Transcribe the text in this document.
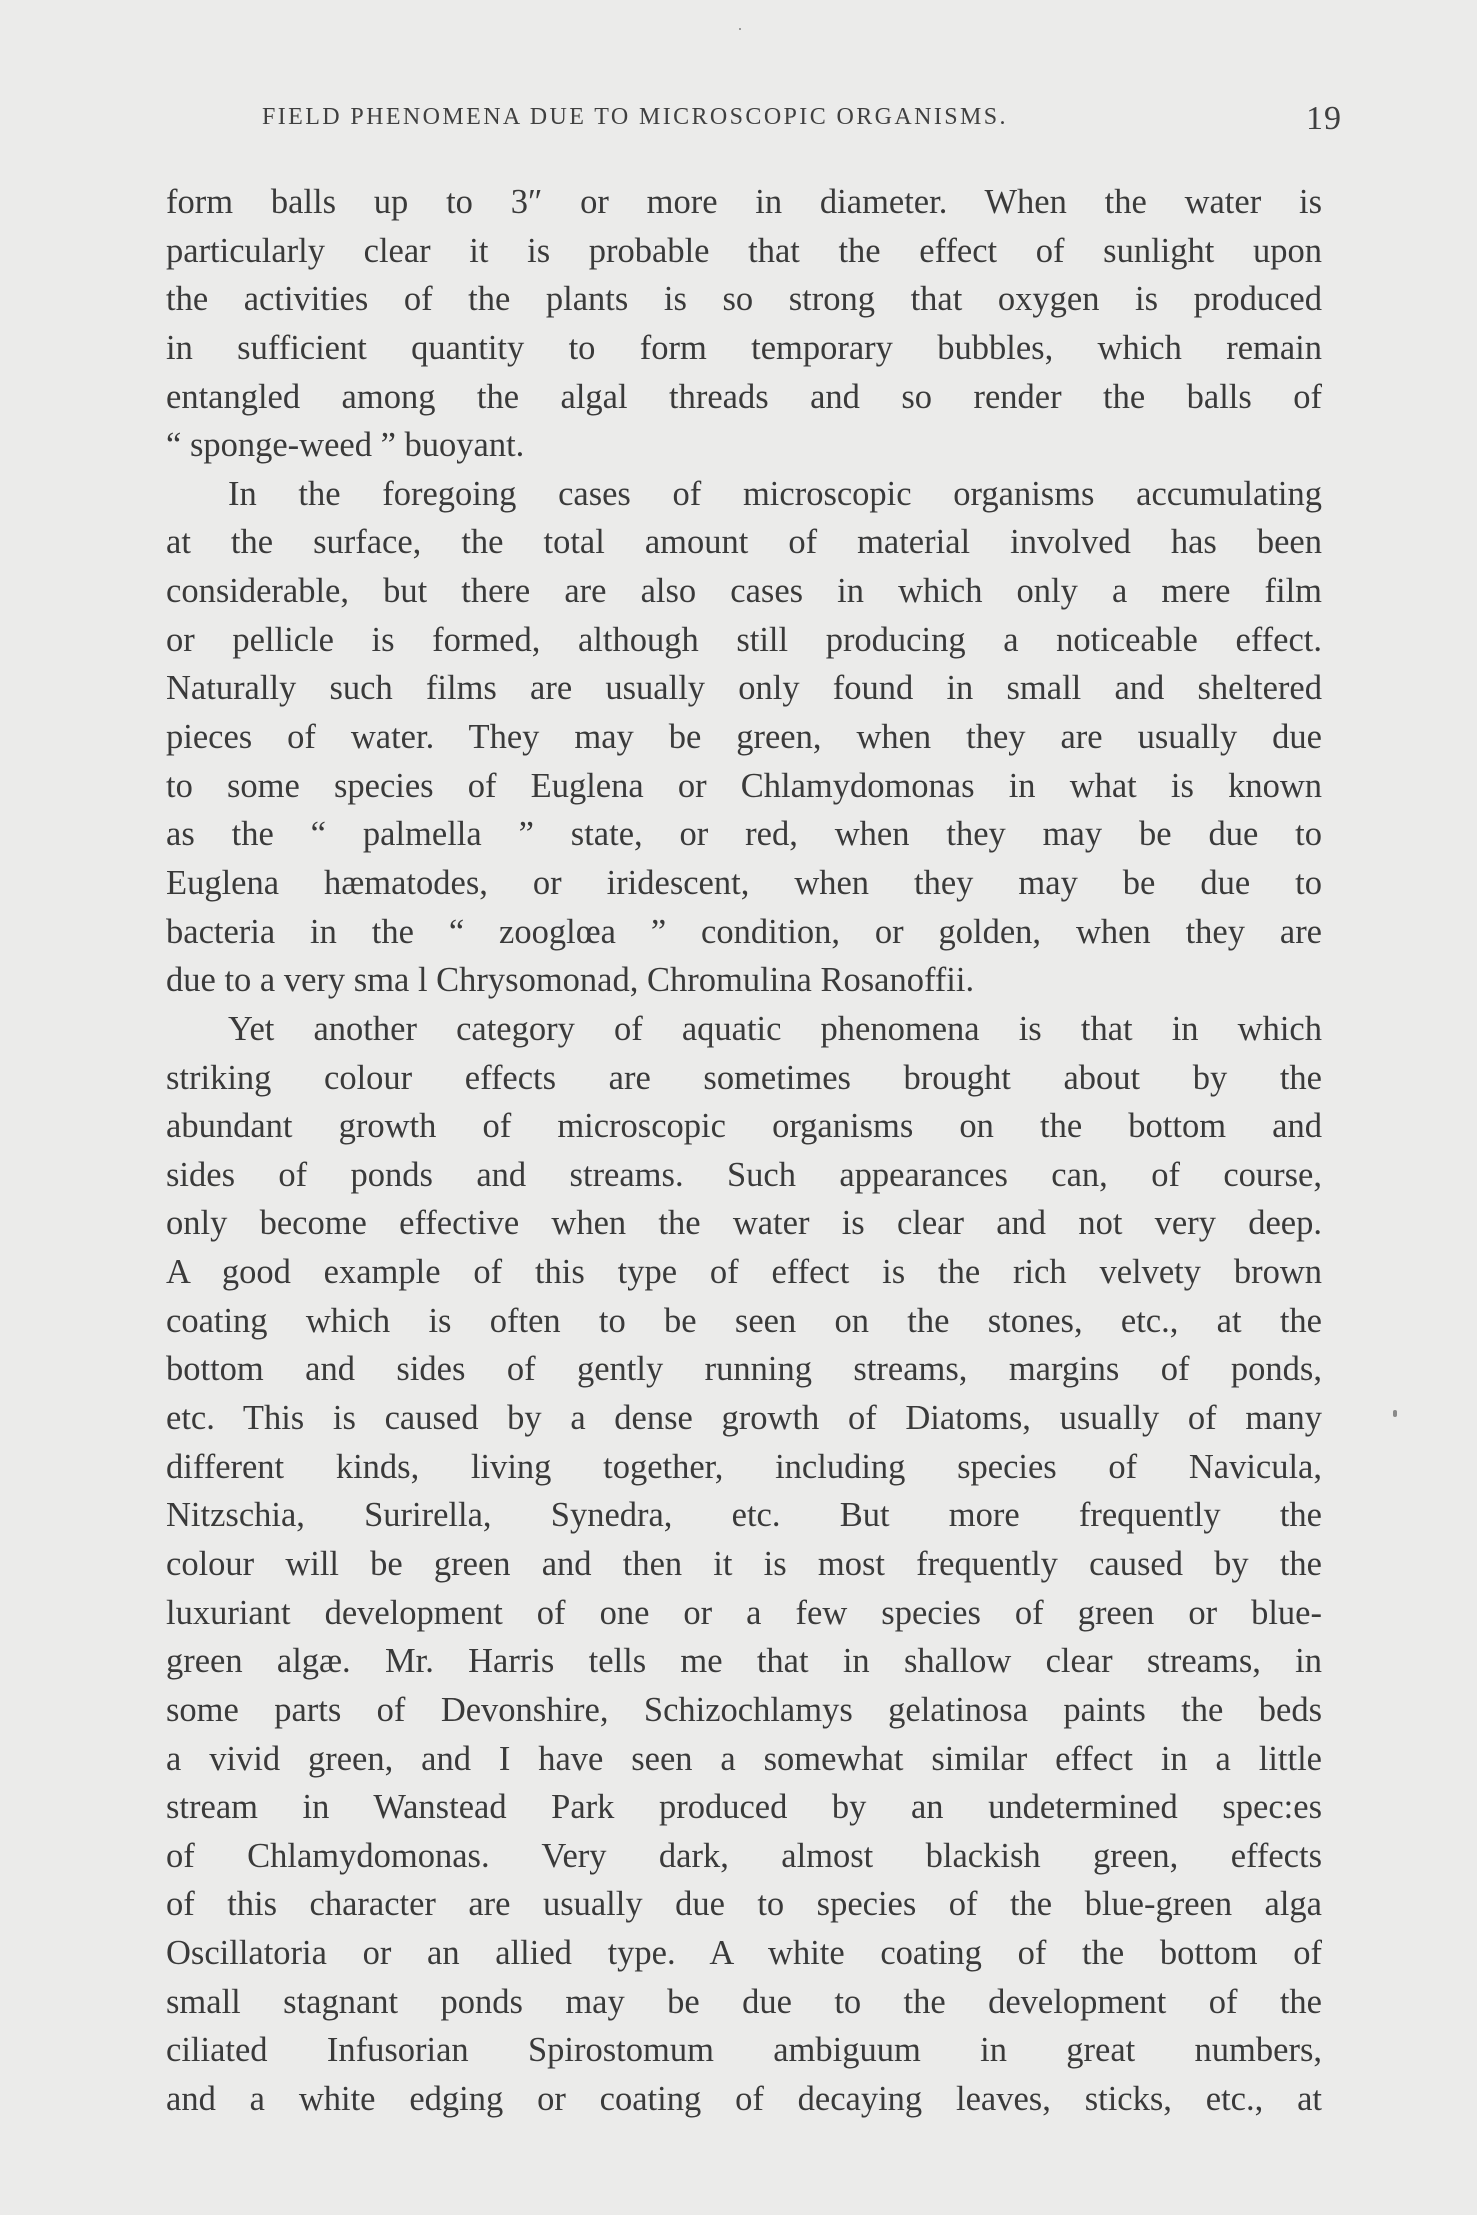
FIELD PHENOMENA DUE TO MICROSCOPIC ORGANISMS.	19
form balls up to 3″ or more in diameter. When the water is
particularly clear it is probable that the effect of sunlight upon
the activities of the plants is so strong that oxygen is produced
in sufficient quantity to form temporary bubbles, which remain
entangled among the algal threads and so render the balls of
“ sponge-weed ” buoyant.
In the foregoing cases of microscopic organisms accumulating
at the surface, the total amount of material involved has been
considerable, but there are also cases in which only a mere film
or pellicle is formed, although still producing a noticeable effect.
Naturally such films are usually only found in small and sheltered
pieces of water. They may be green, when they are usually due
to some species of Euglena or Chlamydomonas in what is known
as the “ palmella ” state, or red, when they may be due to
Euglena hæmatodes, or iridescent, when they may be due to
bacteria in the “ zooglœa ” condition, or golden, when they are
due to a very sma l Chrysomonad, Chromulina Rosanoffii.
Yet another category of aquatic phenomena is that in which
striking colour effects are sometimes brought about by the
abundant growth of microscopic organisms on the bottom and
sides of ponds and streams. Such appearances can, of course,
only become effective when the water is clear and not very deep.
A good example of this type of effect is the rich velvety brown
coating which is often to be seen on the stones, etc., at the
bottom and sides of gently running streams, margins of ponds,
etc. This is caused by a dense growth of Diatoms, usually of many
different kinds, living together, including species of Navicula,
Nitzschia, Surirella, Synedra, etc. But more frequently the
colour will be green and then it is most frequently caused by the
luxuriant development of one or a few species of green or blue-
green algæ. Mr. Harris tells me that in shallow clear streams, in
some parts of Devonshire, Schizochlamys gelatinosa paints the beds
a vivid green, and I have seen a somewhat similar effect in a little
stream in Wanstead Park produced by an undetermined spec:es
of Chlamydomonas. Very dark, almost blackish green, effects
of this character are usually due to species of the blue-green alga
Oscillatoria or an allied type. A white coating of the bottom of
small stagnant ponds may be due to the development of the
ciliated Infusorian Spirostomum ambiguum in great numbers,
and a white edging or coating of decaying leaves, sticks, etc., at
